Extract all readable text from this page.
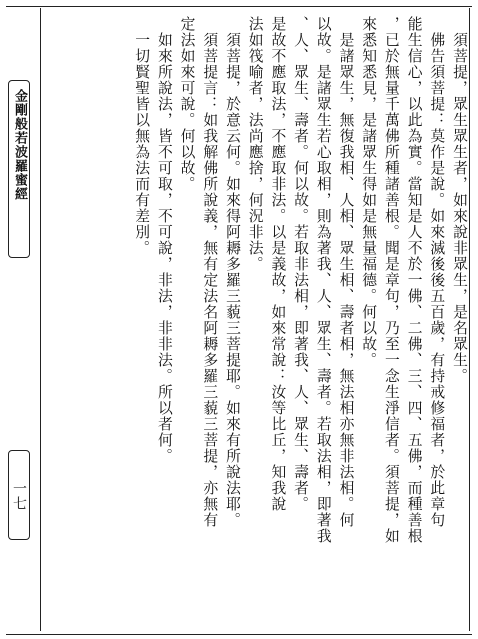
金剛般若波羅蜜經
一七

　須菩提，眾生眾生者，如來說非眾生，是名眾生。

　佛告須菩提：莫作是說。如來滅後後五百歲，有持戒修福者，於此章句

能生信心，以此為實。當知是人不於一佛、二佛、三、四、五佛，而種善根

，已於無量千萬佛所種諸善根。聞是章句，乃至一念生淨信者。須菩提，如

來悉知悉見，是諸眾生得如是無量福德。何以故。

　是諸眾生，無復我相、人相、眾生相、壽者相，無法相亦無非法相。何

以故。是諸眾生若心取相，則為著我、人、眾生、壽者。若取法相，即著我

、人、眾生、壽者。何以故。若取非法相，即著我、人、眾生、壽者。

是故不應取法，不應取非法。以是義故，如來常說：汝等比丘，知我說

法如筏喻者，法尚應捨，何況非法。

　須菩提，於意云何。如來得阿耨多羅三藐三菩提耶。如來有所說法耶。

　須菩提言：如我解佛所說義，無有定法名阿耨多羅三藐三菩提，亦無有

定法如來可說。何以故。

　如來所說法，皆不可取，不可說，非法，非非法。所以者何。

　一切賢聖皆以無為法而有差別。
